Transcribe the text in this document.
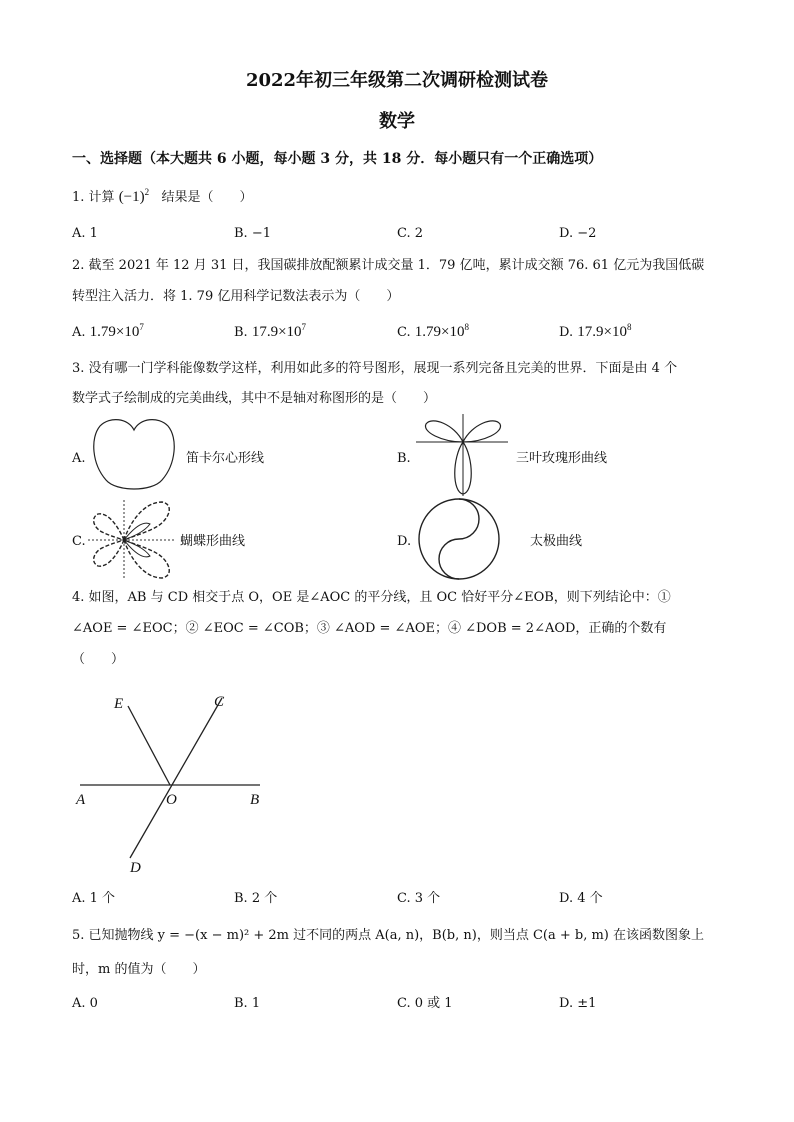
2022年初三年级第二次调研检测试卷
数学
一、选择题（本大题共 6 小题，每小题 3 分，共 18 分．每小题只有一个正确选项）
1. 计算 $(-1)^2$ 结果是（　　）
A. 1	B. −1	C. 2	D. −2
2. 截至 2021 年 12 月 31 日，我国碳排放配额累计成交量 1．79 亿吨，累计成交额 76. 61 亿元为我国低碳
转型注入活力．将 1. 79 亿用科学记数法表示为（　　）
A. $1.79\times 10^7$	B. $17.9\times 10^7$	C. $1.79\times 10^8$	D. $17.9\times 10^8$
3. 没有哪一门学科能像数学这样，利用如此多的符号图形，展现一系列完备且完美的世界．下面是由 4 个
数学式子绘制成的完美曲线，其中不是轴对称图形的是（　　）
A.	笛卡尔心形线	B.	三叶玫瑰形曲线
C.	蝴蝶形曲线	D.	太极曲线
4. 如图，AB 与 CD 相交于点 O，OE 是∠AOC 的平分线，且 OC 恰好平分∠EOB，则下列结论中：①
∠AOE = ∠EOC；② ∠EOC = ∠COB；③ ∠AOD = ∠AOE；④ ∠DOB = 2∠AOD，正确的个数有
（　　）
E	C
A	O	B
D
A. 1 个	B. 2 个	C. 3 个	D. 4 个
5. 已知抛物线 y = −(x − m)² + 2m 过不同的两点 A(a, n)，B(b, n)，则当点 C(a + b, m) 在该函数图象上
时，m 的值为（　　）
A. 0	B. 1	C. 0 或 1	D. ±1
